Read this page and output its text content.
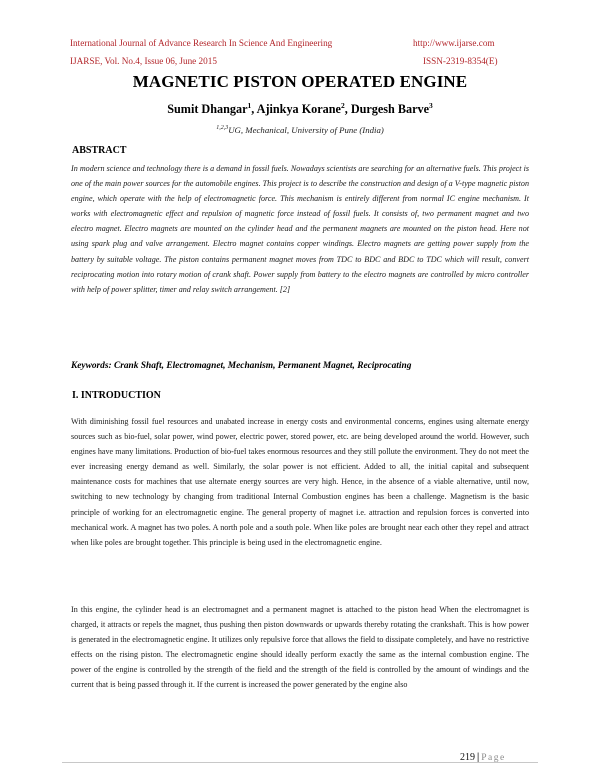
International Journal of Advance Research In Science And Engineering	http://www.ijarse.com
IJARSE, Vol. No.4, Issue 06, June 2015	ISSN-2319-8354(E)
MAGNETIC PISTON OPERATED ENGINE
Sumit Dhangar$^1$, Ajinkya Korane$^2$, Durgesh Barve$^3$
$^{1,2,3}$UG, Mechanical, University of Pune (India)
ABSTRACT
In modern science and technology there is a demand in fossil fuels. Nowadays scientists are searching for an alternative fuels. This project is one of the main power sources for the automobile engines. This project is to describe the construction and design of a V-type magnetic piston engine, which operate with the help of electromagnetic force. This mechanism is entirely different from normal IC engine mechanism. It works with electromagnetic effect and repulsion of magnetic force instead of fossil fuels. It consists of, two permanent magnet and two electro magnet. Electro magnets are mounted on the cylinder head and the permanent magnets are mounted on the piston head. Here not using spark plug and valve arrangement. Electro magnet contains copper windings. Electro magnets are getting power supply from the battery by suitable voltage. The piston contains permanent magnet moves from TDC to BDC and BDC to TDC which will result, convert reciprocating motion into rotary motion of crank shaft. Power supply from battery to the electro magnets are controlled by micro controller with help of power splitter, timer and relay switch arrangement. [2]
Keywords: Crank Shaft, Electromagnet, Mechanism, Permanent Magnet, Reciprocating
I. INTRODUCTION
With diminishing fossil fuel resources and unabated increase in energy costs and environmental concerns, engines using alternate energy sources such as bio-fuel, solar power, wind power, electric power, stored power, etc. are being developed around the world. However, such engines have many limitations. Production of bio-fuel takes enormous resources and they still pollute the environment. They do not meet the ever increasing energy demand as well. Similarly, the solar power is not efficient. Added to all, the initial capital and subsequent maintenance costs for machines that use alternate energy sources are very high. Hence, in the absence of a viable alternative, until now, switching to new technology by changing from traditional Internal Combustion engines has been a challenge. Magnetism is the basic principle of working for an electromagnetic engine. The general property of magnet i.e. attraction and repulsion forces is converted into mechanical work. A magnet has two poles. A north pole and a south pole. When like poles are brought near each other they repel and attract when like poles are brought together. This principle is being used in the electromagnetic engine.
In this engine, the cylinder head is an electromagnet and a permanent magnet is attached to the piston head When the electromagnet is charged, it attracts or repels the magnet, thus pushing then piston downwards or upwards thereby rotating the crankshaft. This is how power is generated in the electromagnetic engine. It utilizes only repulsive force that allows the field to dissipate completely, and have no restrictive effects on the rising piston. The electromagnetic engine should ideally perform exactly the same as the internal combustion engine. The power of the engine is controlled by the strength of the field and the strength of the field is controlled by the amount of windings and the current that is being passed through it. If the current is increased the power generated by the engine also
219 | Page
